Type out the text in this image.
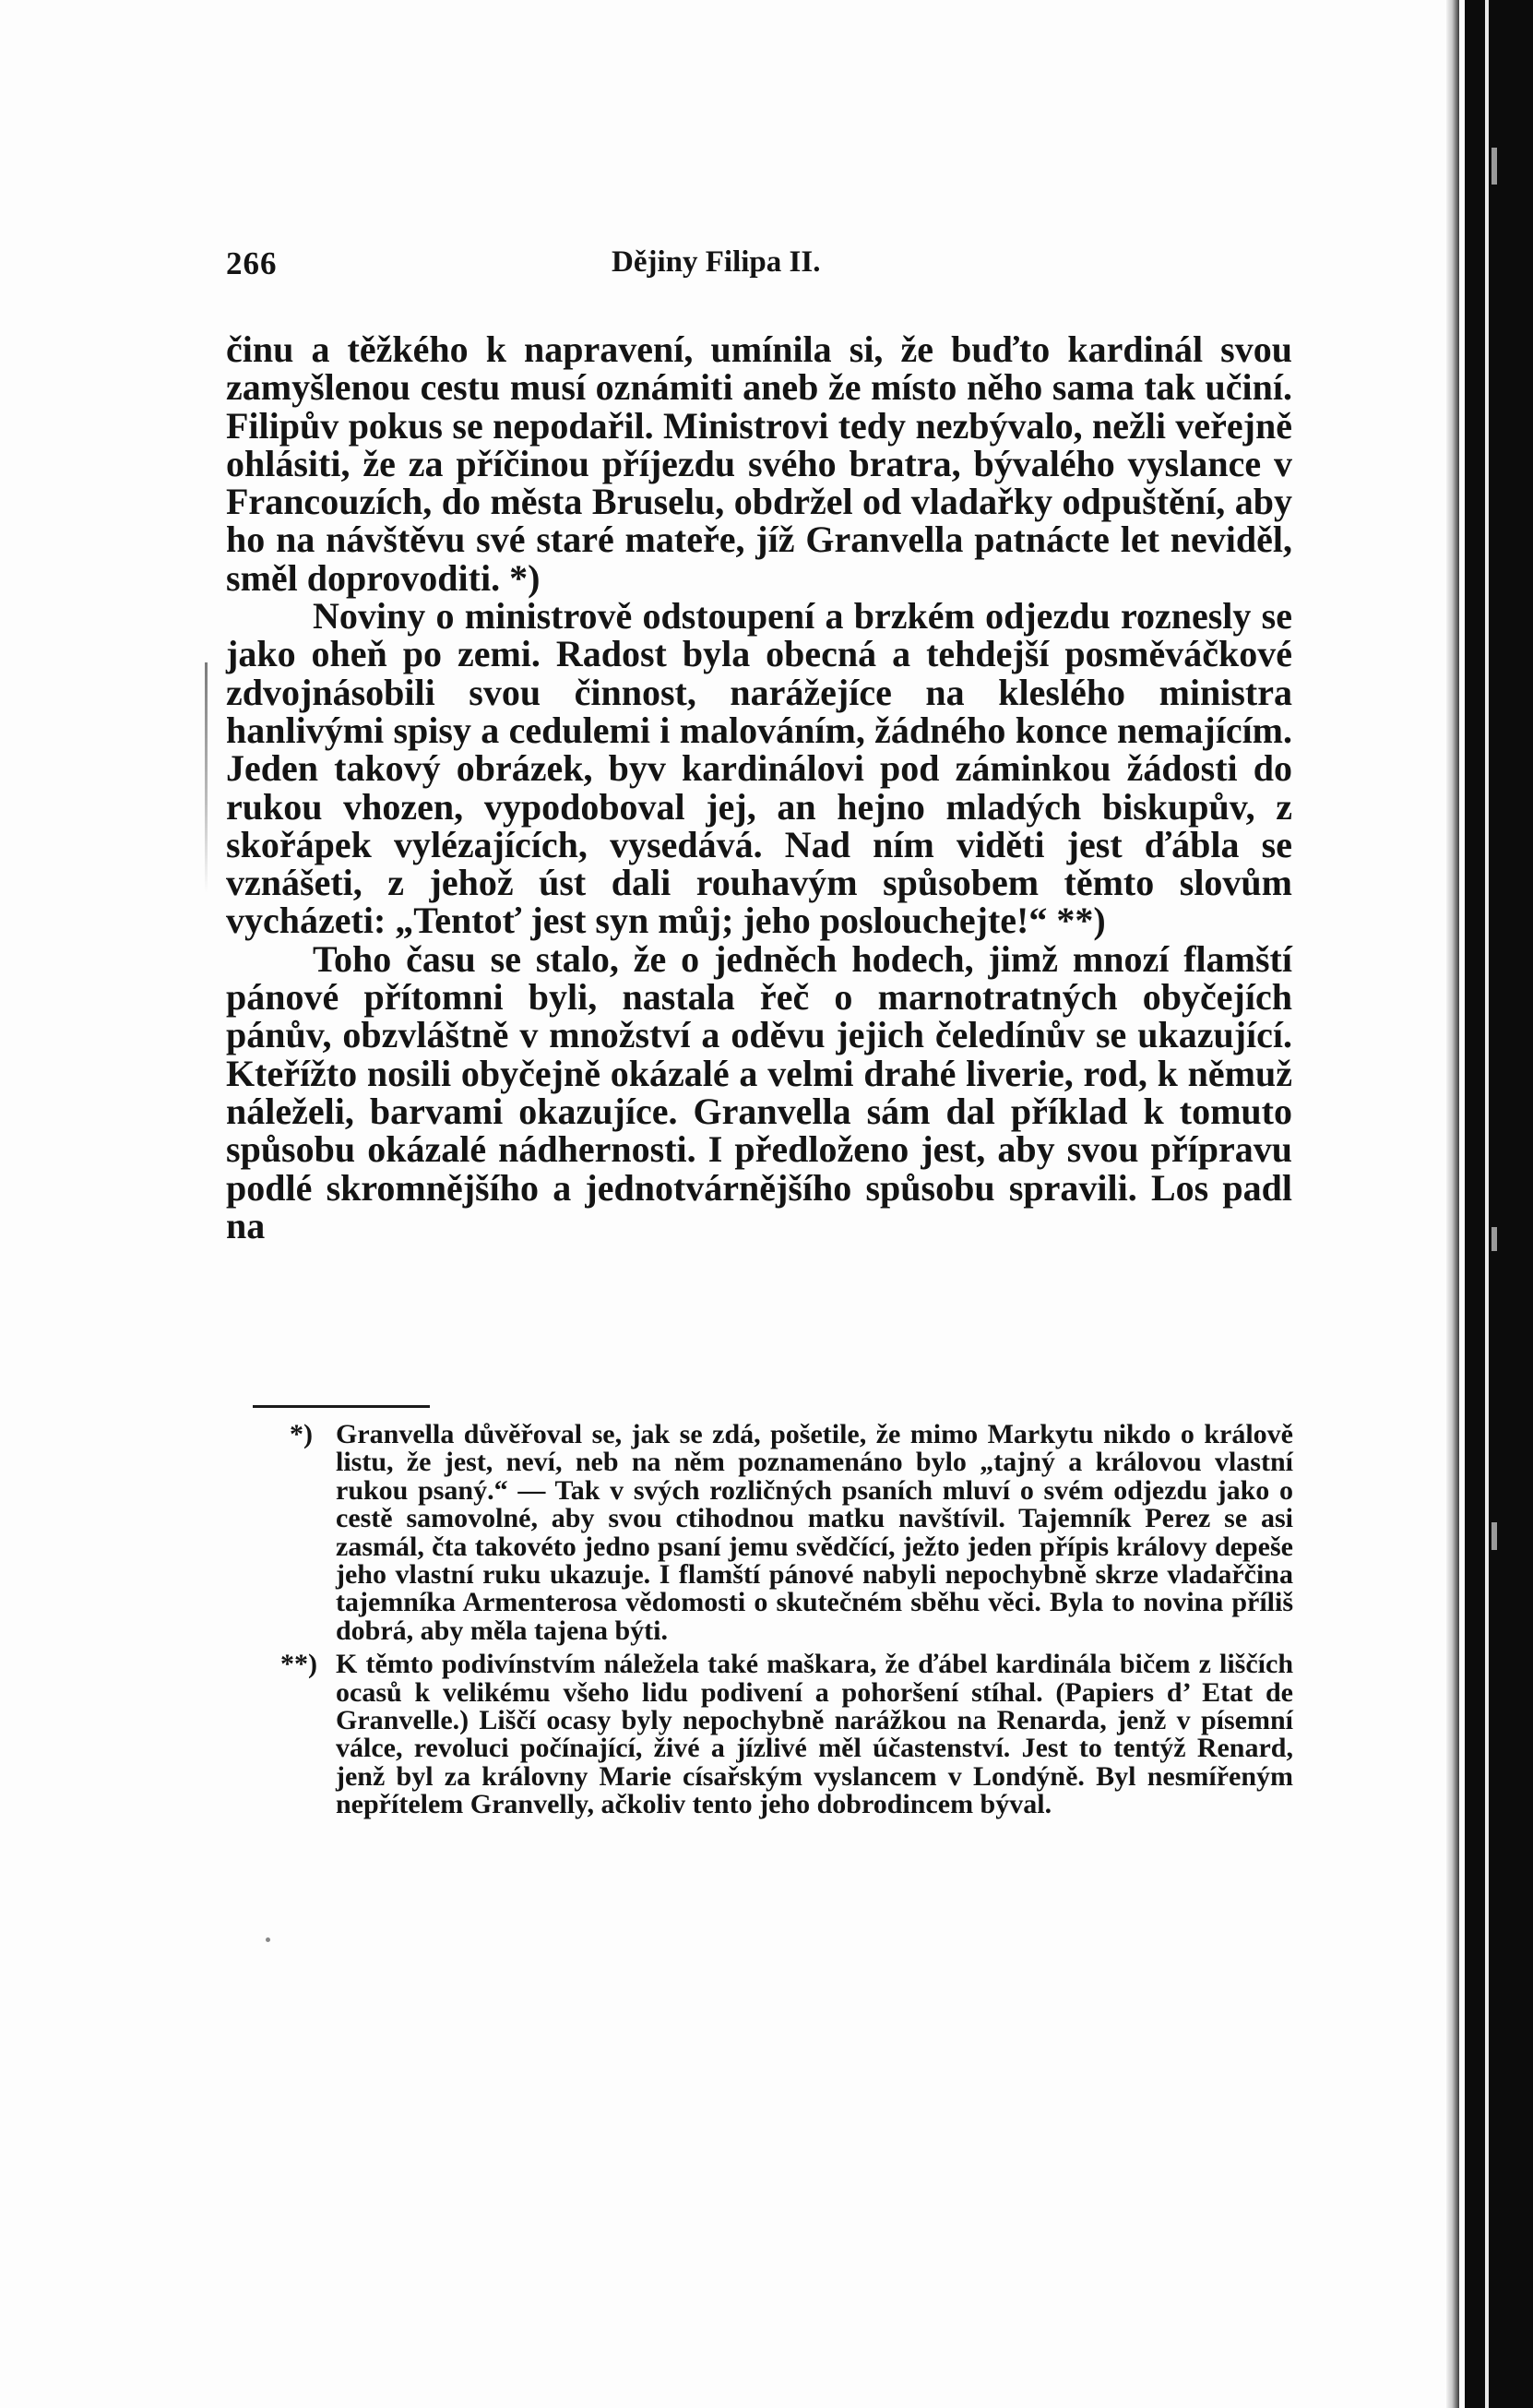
266	Dějiny Filipa II.

činu a těžkého k napravení, umínila si, že buďto kardinál svou zamyšlenou cestu musí oznámiti aneb že místo něho sama tak učiní. Filipův pokus se nepodařil. Ministrovi tedy nezbývalo, nežli veřejně ohlásiti, že za příčinou příjezdu svého bratra, bývalého vyslance v Francouzích, do města Bruselu, obdržel od vladařky odpuštění, aby ho na návštěvu své staré mateře, jíž Granvella patnácte let neviděl, směl doprovoditi. *)

Noviny o ministrově odstoupení a brzkém odjezdu roznesly se jako oheň po zemi. Radost byla obecná a tehdejší posměváčkové zdvojnásobili svou činnost, narážejíce na kleslého ministra hanlivými spisy a cedulemi i malováním, žádného konce nemajícím. Jeden takový obrázek, byv kardinálovi pod záminkou žádosti do rukou vhozen, vypodoboval jej, an hejno mladých biskupův, z skořápek vylézajících, vysedává. Nad ním viděti jest ďábla se vznášeti, z jehož úst dali rouhavým spůsobem těmto slovům vycházeti: „Tentoť jest syn můj; jeho poslouchejte!“ **)

Toho času se stalo, že o jedněch hodech, jimž mnozí flamští pánové přítomni byli, nastala řeč o marnotratných obyčejích pánův, obzvláštně v množství a oděvu jejich čeledínův se ukazující. Kteřížto nosili obyčejně okázalé a velmi drahé liverie, rod, k němuž náleželi, barvami okazujíce. Granvella sám dal příklad k tomuto spůsobu okázalé nádhernosti. I předloženo jest, aby svou přípravu podlé skromnějšího a jednotvárnějšího spůsobu spravili. Los padl na

*) Granvella důvěřoval se, jak se zdá, pošetile, že mimo Markytu nikdo o králově listu, že jest, neví, neb na něm poznamenáno bylo „tajný a královou vlastní rukou psaný.“ — Tak v svých rozličných psaních mluví o svém odjezdu jako o cestě samovolné, aby svou ctihodnou matku navštívil. Tajemník Perez se asi zasmál, čta takovéto jedno psaní jemu svědčící, ježto jeden přípis královy depeše jeho vlastní ruku ukazuje. I flamští pánové nabyli nepochybně skrze vladařčina tajemníka Armenterosa vědomosti o skutečném sběhu věci. Byla to novina příliš dobrá, aby měla tajena býti.

**) K těmto podivínstvím náležela také maškara, že ďábel kardinála bičem z liščích ocasů k velikému všeho lidu podivení a pohoršení stíhal. (Papiers d’ Etat de Granvelle.) Liščí ocasy byly nepochybně narážkou na Renarda, jenž v písemní válce, revoluci počínající, živé a jízlivé měl účastenství. Jest to tentýž Renard, jenž byl za královny Marie císařským vyslancem v Londýně. Byl nesmířeným nepřítelem Granvelly, ačkoliv tento jeho dobrodincem býval.
